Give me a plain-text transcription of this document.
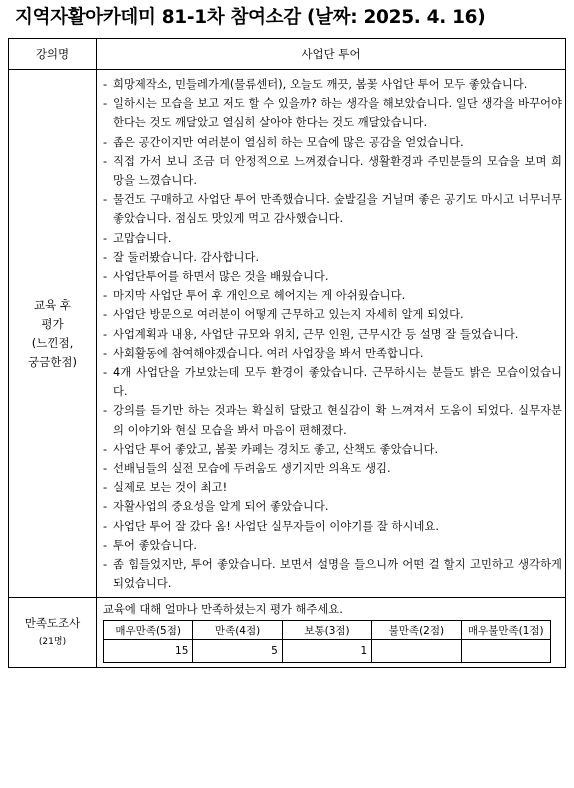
지역자활아카데미 81-1차 참여소감 (날짜: 2025. 4. 16)
강의명	사업단 투어

교육 후
평가
(느낀점,
궁금한점)

- 희망제작소, 민들레가게(물류센터), 오늘도 깨끗, 봄꽃 사업단 투어 모두 좋았습니다.
- 일하시는 모습을 보고 저도 할 수 있을까? 하는 생각을 해보았습니다. 일단 생각을 바꾸어야 한다는 것도 깨달았고 열심히 살아야 한다는 것도 깨달았습니다.
- 좁은 공간이지만 여러분이 열심히 하는 모습에 많은 공감을 얻었습니다.
- 직접 가서 보니 조금 더 안정적으로 느껴졌습니다. 생활환경과 주민분들의 모습을 보며 희망을 느꼈습니다.
- 물건도 구매하고 사업단 투어 만족했습니다. 숲발길을 거닐며 좋은 공기도 마시고 너무너무 좋았습니다. 점심도 맛있게 먹고 감사했습니다.
- 고맙습니다.
- 잘 둘러봤습니다. 감사합니다.
- 사업단투어를 하면서 많은 것을 배웠습니다.
- 마지막 사업단 투어 후 개인으로 헤어지는 게 아쉬웠습니다.
- 사업단 방문으로 여러분이 어떻게 근무하고 있는지 자세히 알게 되었다.
- 사업계획과 내용, 사업단 규모와 위치, 근무 인원, 근무시간 등 설명 잘 들었습니다.
- 사회활동에 참여해야겠습니다. 여러 사업장을 봐서 만족합니다.
- 4개 사업단을 가보았는데 모두 환경이 좋았습니다. 근무하시는 분들도 밝은 모습이었습니다.
- 강의를 듣기만 하는 것과는 확실히 달랐고 현실감이 확 느껴져서 도움이 되었다. 실무자분의 이야기와 현실 모습을 봐서 마음이 편해졌다.
- 사업단 투어 좋았고, 봄꽃 카페는 경치도 좋고, 산책도 좋았습니다.
- 선배님들의 실전 모습에 두려움도 생기지만 의욕도 생김.
- 실제로 보는 것이 최고!
- 자활사업의 중요성을 알게 되어 좋았습니다.
- 사업단 투어 잘 갔다 옴! 사업단 실무자들이 이야기를 잘 하시네요.
- 투어 좋았습니다.
- 좀 힘들었지만, 투어 좋았습니다. 보면서 설명을 들으니까 어떤 걸 할지 고민하고 생각하게 되었습니다.

만족도조사
(21명)

교육에 대해 얼마나 만족하셨는지 평가 해주세요.
매우만족(5점)	만족(4점)	보통(3점)	불만족(2점)	매우불만족(1점)
15	5	1		
